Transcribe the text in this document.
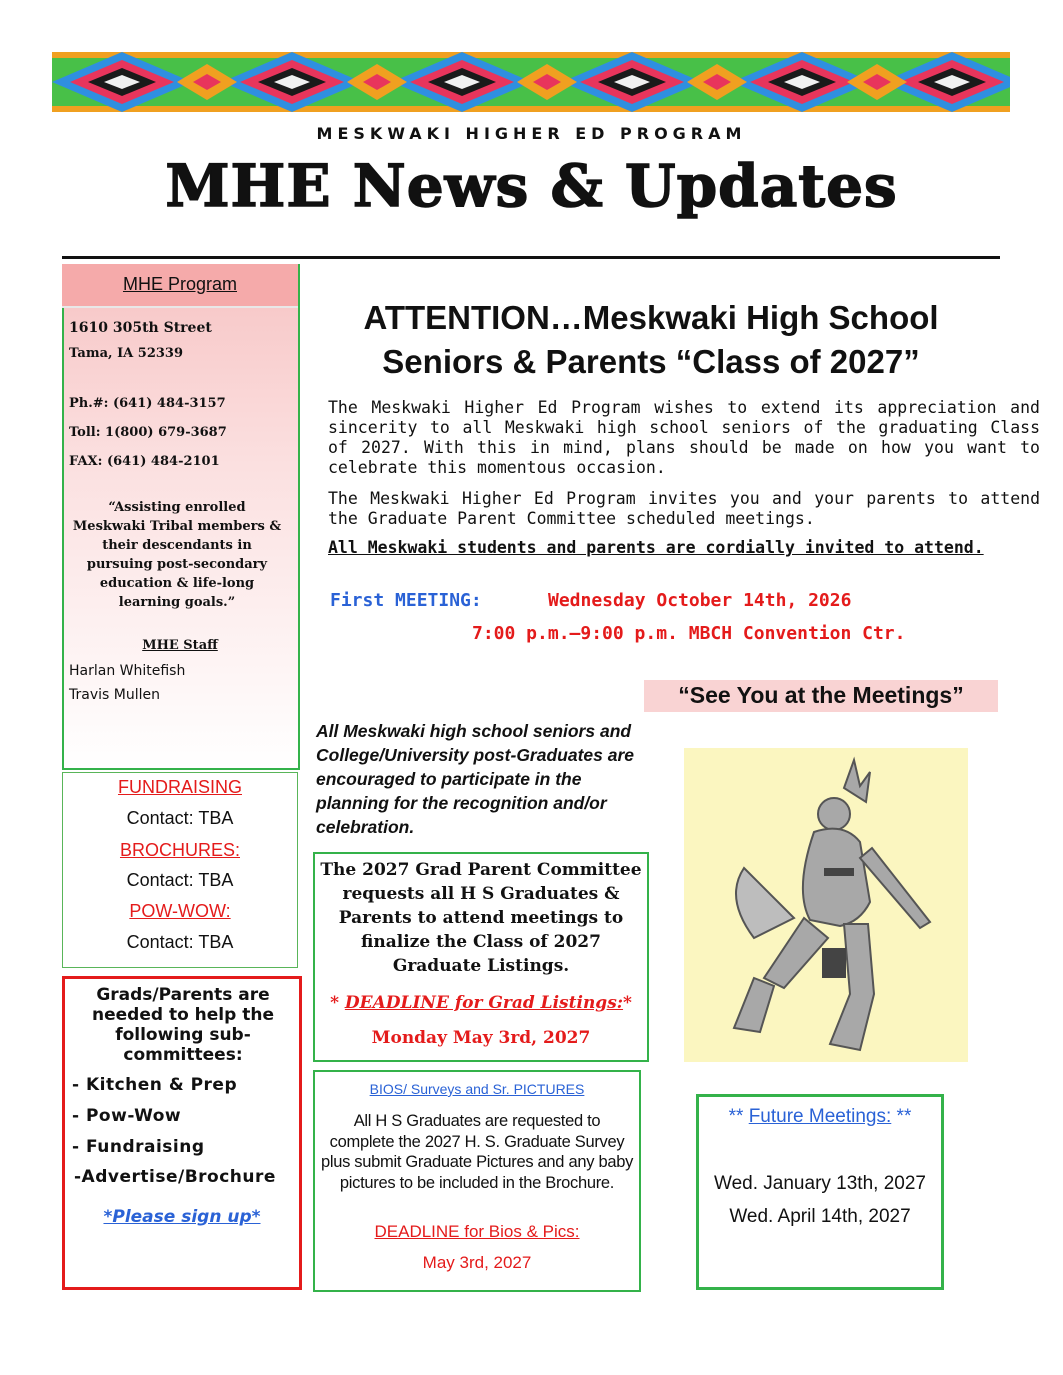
MESKWAKI HIGHER ED PROGRAM
MHE News & Updates
MHE Program
1610 305th Street
Tama, IA 52339
Ph.#: (641) 484-3157
Toll: 1(800) 679-3687
FAX: (641) 484-2101
“Assisting enrolled Meskwaki Tribal members & their descendants in pursuing post-secondary education & life-long learning goals.”
MHE Staff
Harlan Whitefish
Travis Mullen
FUNDRAISING
Contact: TBA
BROCHURES:
Contact: TBA
POW-WOW:
Contact: TBA
Grads/Parents are needed to help the following sub-committees:
- Kitchen & Prep
- Pow-Wow
- Fundraising
-Advertise/Brochure
*Please sign up*
ATTENTION…Meskwaki High School
Seniors & Parents “Class of 2027”
The Meskwaki Higher Ed Program wishes to extend its appreciation and sincerity to all Meskwaki high school seniors of the graduating Class of 2027. With this in mind, plans should be made on how you want to celebrate this momentous occasion.
The Meskwaki Higher Ed Program invites you and your parents to attend the Graduate Parent Committee scheduled meetings.
All Meskwaki students and parents are cordially invited to attend.
First MEETING:	Wednesday October 14th, 2026
7:00 p.m.—9:00 p.m. MBCH Convention Ctr.
“See You at the Meetings”
All Meskwaki high school seniors and College/University post-Graduates are encouraged to participate in the planning for the recognition and/or celebration.
The 2027 Grad Parent Committee requests all H S Graduates & Parents to attend meetings to finalize the Class of 2027 Graduate Listings.
* DEADLINE for Grad Listings:*
Monday May 3rd, 2027
BIOS/ Surveys and Sr. PICTURES
All H S Graduates are requested to complete the 2027 H. S. Graduate Survey plus submit Graduate Pictures and any baby pictures to be included in the Brochure.
DEADLINE for Bios & Pics:
May 3rd, 2027
** Future Meetings: **
Wed. January 13th, 2027
Wed. April 14th, 2027
